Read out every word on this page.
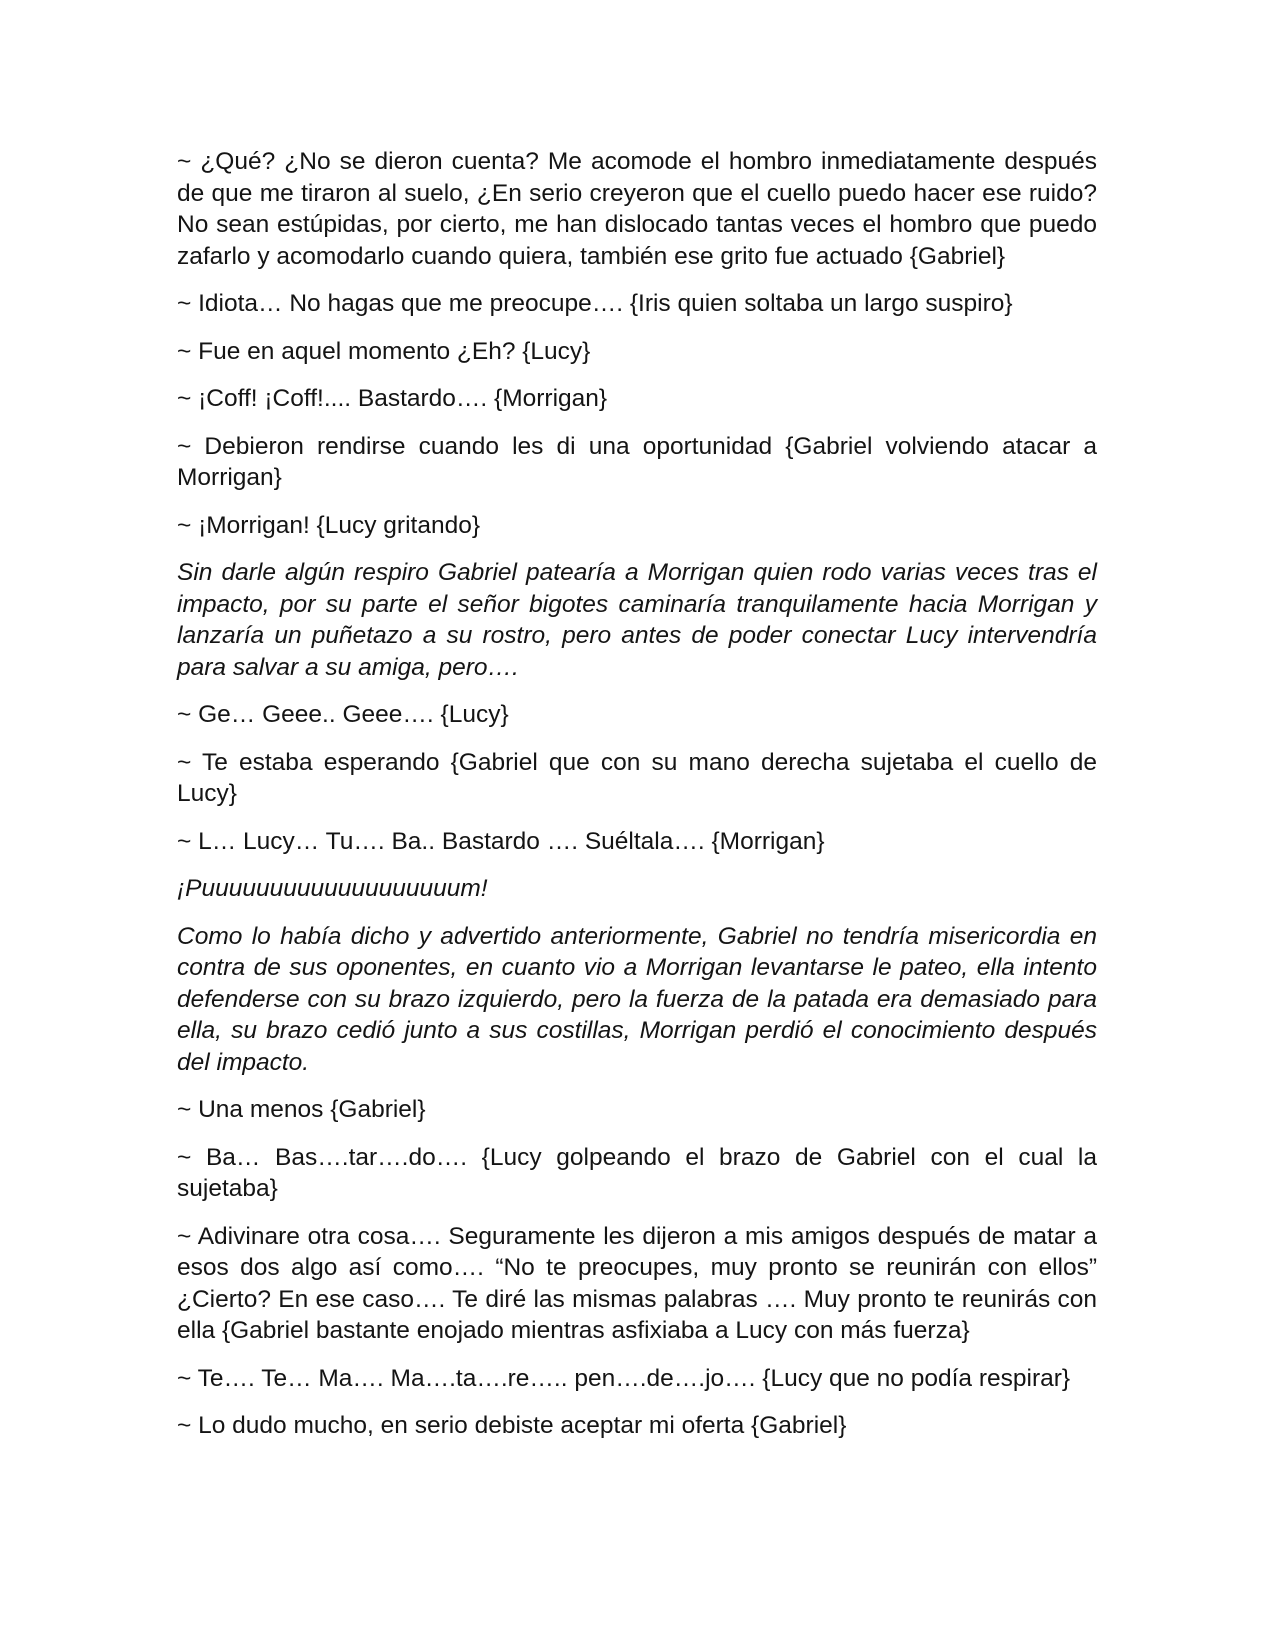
~ ¿Qué? ¿No se dieron cuenta? Me acomode el hombro inmediatamente después de que me tiraron al suelo, ¿En serio creyeron que el cuello puedo hacer ese ruido? No sean estúpidas, por cierto, me han dislocado tantas veces el hombro que puedo zafarlo y acomodarlo cuando quiera, también ese grito fue actuado {Gabriel}

~ Idiota… No hagas que me preocupe…. {Iris quien soltaba un largo suspiro}

~ Fue en aquel momento ¿Eh? {Lucy}

~ ¡Coff! ¡Coff!.... Bastardo…. {Morrigan}

~ Debieron rendirse cuando les di una oportunidad {Gabriel volviendo atacar a Morrigan}

~ ¡Morrigan! {Lucy gritando}

Sin darle algún respiro Gabriel patearía a Morrigan quien rodo varias veces tras el impacto, por su parte el señor bigotes caminaría tranquilamente hacia Morrigan y lanzaría un puñetazo a su rostro, pero antes de poder conectar Lucy intervendría para salvar a su amiga, pero….

~ Ge… Geee.. Geee…. {Lucy}

~ Te estaba esperando {Gabriel que con su mano derecha sujetaba el cuello de Lucy}

~ L… Lucy… Tu…. Ba.. Bastardo …. Suéltala…. {Morrigan}

¡Puuuuuuuuuuuuuuuuuuum!

Como lo había dicho y advertido anteriormente, Gabriel no tendría misericordia en contra de sus oponentes, en cuanto vio a Morrigan levantarse le pateo, ella intento defenderse con su brazo izquierdo, pero la fuerza de la patada era demasiado para ella, su brazo cedió junto a sus costillas, Morrigan perdió el conocimiento después del impacto.

~ Una menos {Gabriel}

~ Ba… Bas….tar….do…. {Lucy golpeando el brazo de Gabriel con el cual la sujetaba}

~ Adivinare otra cosa…. Seguramente les dijeron a mis amigos después de matar a esos dos algo así como…. “No te preocupes, muy pronto se reunirán con ellos” ¿Cierto? En ese caso…. Te diré las mismas palabras …. Muy pronto te reunirás con ella {Gabriel bastante enojado mientras asfixiaba a Lucy con más fuerza}

~ Te…. Te… Ma…. Ma….ta….re….. pen….de….jo…. {Lucy que no podía respirar}

~ Lo dudo mucho, en serio debiste aceptar mi oferta {Gabriel}
